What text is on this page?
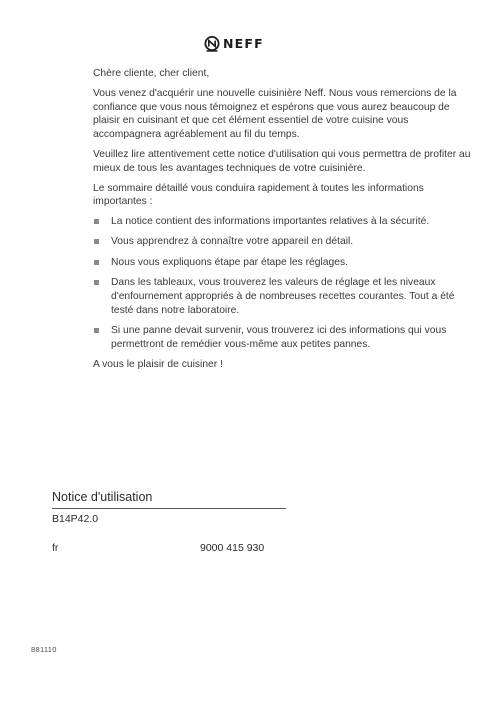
NEFF

Chère cliente, cher client,

Vous venez d'acquérir une nouvelle cuisinière Neff. Nous vous remercions de la confiance que vous nous témoignez et espérons que vous aurez beaucoup de plaisir en cuisinant et que cet élément essentiel de votre cuisine vous accompagnera agréablement au fil du temps.

Veuillez lire attentivement cette notice d'utilisation qui vous permettra de profiter au mieux de tous les avantages techniques de votre cuisinière.

Le sommaire détaillé vous conduira rapidement à toutes les informations importantes :

La notice contient des informations importantes relatives à la sécurité.
Vous apprendrez à connaître votre appareil en détail.
Nous vous expliquons étape par étape les réglages.
Dans les tableaux, vous trouverez les valeurs de réglage et les niveaux d'enfournement appropriés à de nombreuses recettes courantes. Tout a été testé dans notre laboratoire.
Si une panne devait survenir, vous trouverez ici des informations qui vous permettront de remédier vous-même aux petites pannes.

A vous le plaisir de cuisiner !

Notice d'utilisation
B14P42.0
fr	9000 415 930
881110
